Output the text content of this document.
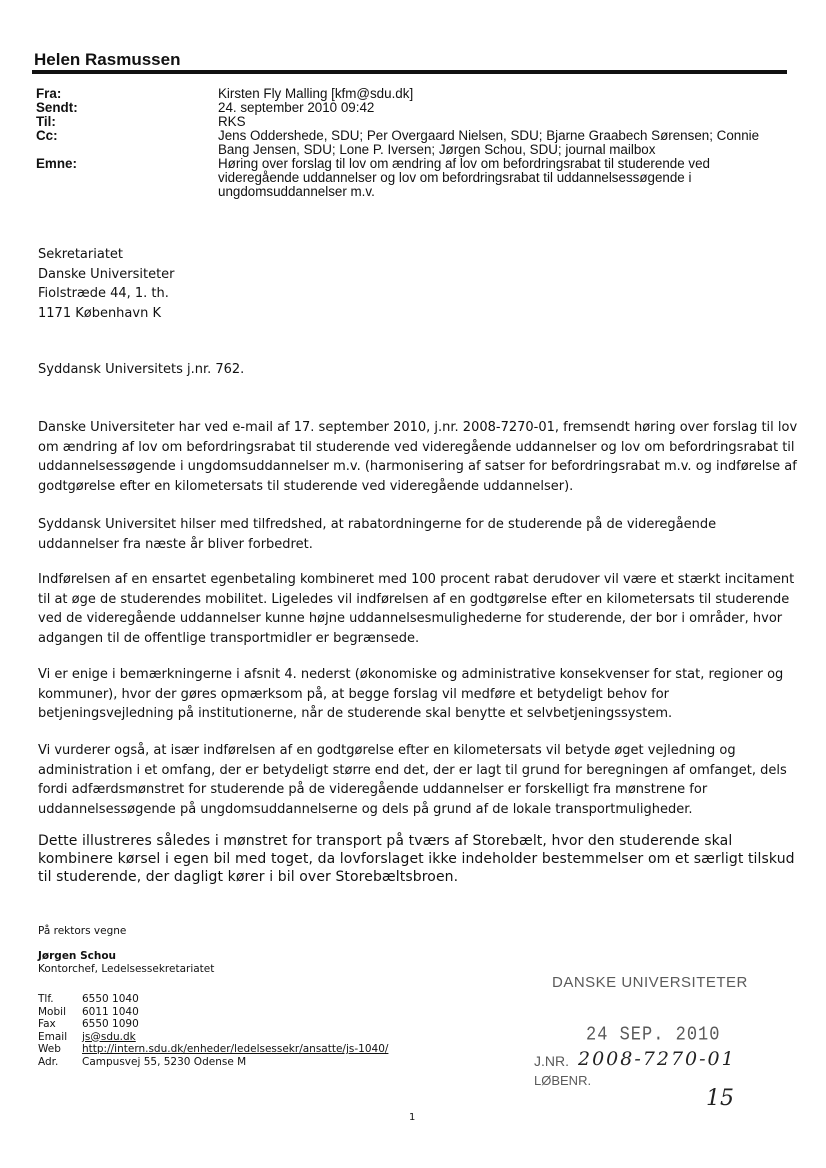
Helen Rasmussen
Fra:	Kirsten Fly Malling [kfm@sdu.dk]
Sendt:	24. september 2010 09:42
Til:	RKS
Cc:	Jens Oddershede, SDU; Per Overgaard Nielsen, SDU; Bjarne Graabech Sørensen; Connie Bang Jensen, SDU; Lone P. Iversen; Jørgen Schou, SDU; journal mailbox
Emne:	Høring over forslag til lov om ændring af lov om befordringsrabat til studerende ved videregående uddannelser og lov om befordringsrabat til uddannelsessøgende i ungdomsuddannelser m.v.
Sekretariatet
Danske Universiteter
Fiolstræde 44, 1. th.
1171 København K
Syddansk Universitets j.nr. 762.

Danske Universiteter har ved e-mail af 17. september 2010, j.nr. 2008-7270-01, fremsendt høring over forslag til lov om ændring af lov om befordringsrabat til studerende ved videregående uddannelser og lov om befordringsrabat til uddannelsessøgende i ungdomsuddannelser m.v. (harmonisering af satser for befordringsrabat m.v. og indførelse af godtgørelse efter en kilometersats til studerende ved videregående uddannelser).

Syddansk Universitet hilser med tilfredshed, at rabatordningerne for de studerende på de videregående uddannelser fra næste år bliver forbedret.

Indførelsen af en ensartet egenbetaling kombineret med 100 procent rabat derudover vil være et stærkt incitament til at øge de studerendes mobilitet. Ligeledes vil indførelsen af en godtgørelse efter en kilometersats til studerende ved de videregående uddannelser kunne højne uddannelsesmulighederne for studerende, der bor i områder, hvor adgangen til de offentlige transportmidler er begrænsede.

Vi er enige i bemærkningerne i afsnit 4. nederst (økonomiske og administrative konsekvenser for stat, regioner og kommuner), hvor der gøres opmærksom på, at begge forslag vil medføre et betydeligt behov for betjeningsvejledning på institutionerne, når de studerende skal benytte et selvbetjeningssystem.

Vi vurderer også, at især indførelsen af en godtgørelse efter en kilometersats vil betyde øget vejledning og administration i et omfang, der er betydeligt større end det, der er lagt til grund for beregningen af omfanget, dels fordi adfærdsmønstret for studerende på de videregående uddannelser er forskelligt fra mønstrene for uddannelsessøgende på ungdomsuddannelserne og dels på grund af de lokale transportmuligheder.

Dette illustreres således i mønstret for transport på tværs af Storebælt, hvor den studerende skal kombinere kørsel i egen bil med toget, da lovforslaget ikke indeholder bestemmelser om et særligt tilskud til studerende, der dagligt kører i bil over Storebæltsbroen.

På rektors vegne
Jørgen Schou
Kontorchef, Ledelsessekretariatet
Tlf.	6550 1040
Mobil	6011 1040
Fax	6550 1090
Email	js@sdu.dk
Web	http://intern.sdu.dk/enheder/ledelsessekr/ansatte/js-1040/
Adr.	Campusvej 55, 5230 Odense M
DANSKE UNIVERSITETER
24 SEP. 2010
J.NR. 2008-7270-01
LØBENR.
15
1
